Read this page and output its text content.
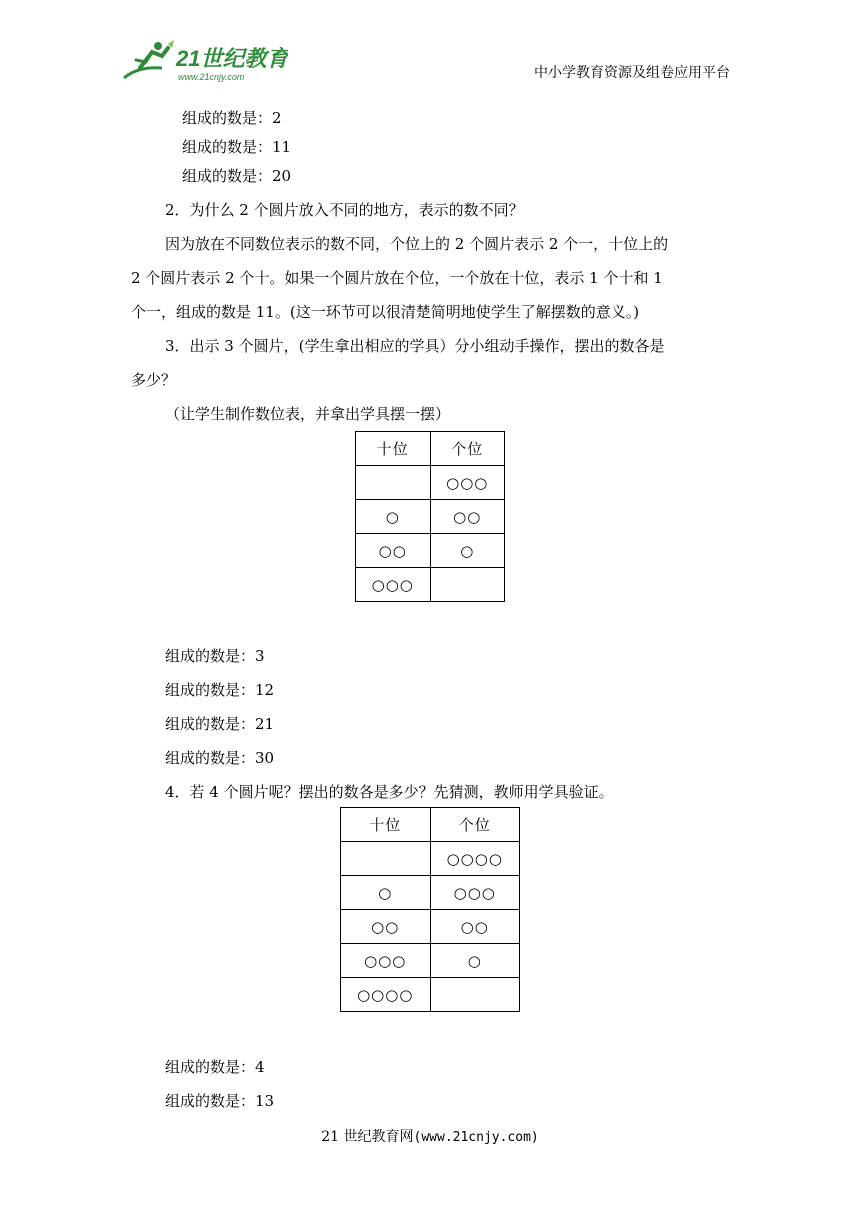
21世纪教育
www.21cnjy.com	中小学教育资源及组卷应用平台
组成的数是：2
组成的数是：11
组成的数是：20
2．为什么 2 个圆片放入不同的地方，表示的数不同？
因为放在不同数位表示的数不同，个位上的 2 个圆片表示 2 个一，十位上的
2 个圆片表示 2 个十。如果一个圆片放在个位，一个放在十位，表示 1 个十和 1
个一，组成的数是 11。(这一环节可以很清楚简明地使学生了解摆数的意义。)
3．出示 3 个圆片，(学生拿出相应的学具）分小组动手操作，摆出的数各是
多少？
（让学生制作数位表，并拿出学具摆一摆）
十位	个位
	○○○
○	○○
○○	○
○○○	
组成的数是：3
组成的数是：12
组成的数是：21
组成的数是：30
4．若 4 个圆片呢？摆出的数各是多少？先猜测，教师用学具验证。
十位	个位
	○○○○
○	○○○
○○	○○
○○○	○
○○○○	
组成的数是：4
组成的数是：13
21 世纪教育网(www.21cnjy.com)
